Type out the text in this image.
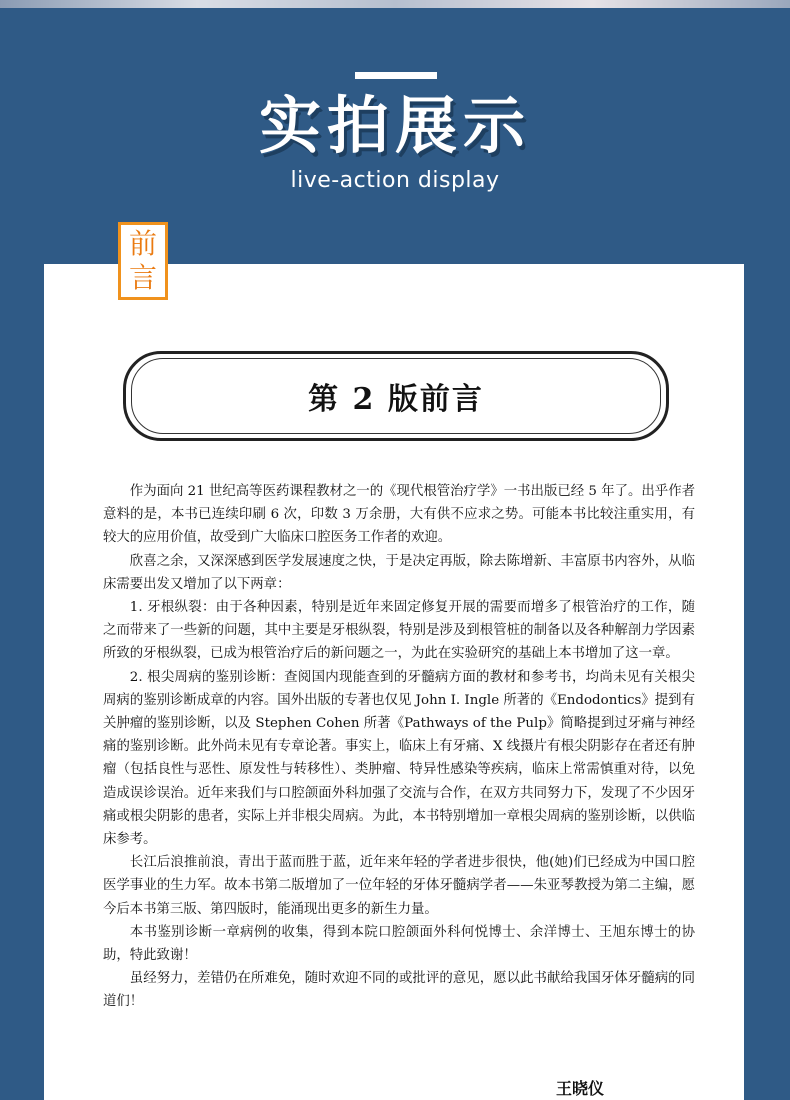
实拍展示
live-action display
前
言
第 2 版前言

作为面向 21 世纪高等医药课程教材之一的《现代根管治疗学》一书出版已经 5 年了。出乎作者意料的是，本书已连续印刷 6 次，印数 3 万余册，大有供不应求之势。可能本书比较注重实用，有较大的应用价值，故受到广大临床口腔医务工作者的欢迎。

欣喜之余，又深深感到医学发展速度之快，于是决定再版，除去陈增新、丰富原书内容外，从临床需要出发又增加了以下两章：

1. 牙根纵裂：由于各种因素，特别是近年来固定修复开展的需要而增多了根管治疗的工作，随之而带来了一些新的问题，其中主要是牙根纵裂，特别是涉及到根管桩的制备以及各种解剖力学因素所致的牙根纵裂，已成为根管治疗后的新问题之一，为此在实验研究的基础上本书增加了这一章。

2. 根尖周病的鉴别诊断：查阅国内现能查到的牙髓病方面的教材和参考书，均尚未见有关根尖周病的鉴别诊断成章的内容。国外出版的专著也仅见 John I. Ingle 所著的《Endodontics》提到有关肿瘤的鉴别诊断，以及 Stephen Cohen 所著《Pathways of the Pulp》简略提到过牙痛与神经痛的鉴别诊断。此外尚未见有专章论著。事实上，临床上有牙痛、X 线摄片有根尖阴影存在者还有肿瘤（包括良性与恶性、原发性与转移性）、类肿瘤、特异性感染等疾病，临床上常需慎重对待，以免造成误诊误治。近年来我们与口腔颌面外科加强了交流与合作，在双方共同努力下，发现了不少因牙痛或根尖阴影的患者，实际上并非根尖周病。为此，本书特别增加一章根尖周病的鉴别诊断，以供临床参考。

长江后浪推前浪，青出于蓝而胜于蓝，近年来年轻的学者进步很快，他(她)们已经成为中国口腔医学事业的生力军。故本书第二版增加了一位年轻的牙体牙髓病学者——朱亚琴教授为第二主编，愿今后本书第三版、第四版时，能涌现出更多的新生力量。

本书鉴别诊断一章病例的收集，得到本院口腔颌面外科何悦博士、余洋博士、王旭东博士的协助，特此致谢！

虽经努力，差错仍在所难免，随时欢迎不同的或批评的意见，愿以此书献给我国牙体牙髓病的同道们！

王晓仪
